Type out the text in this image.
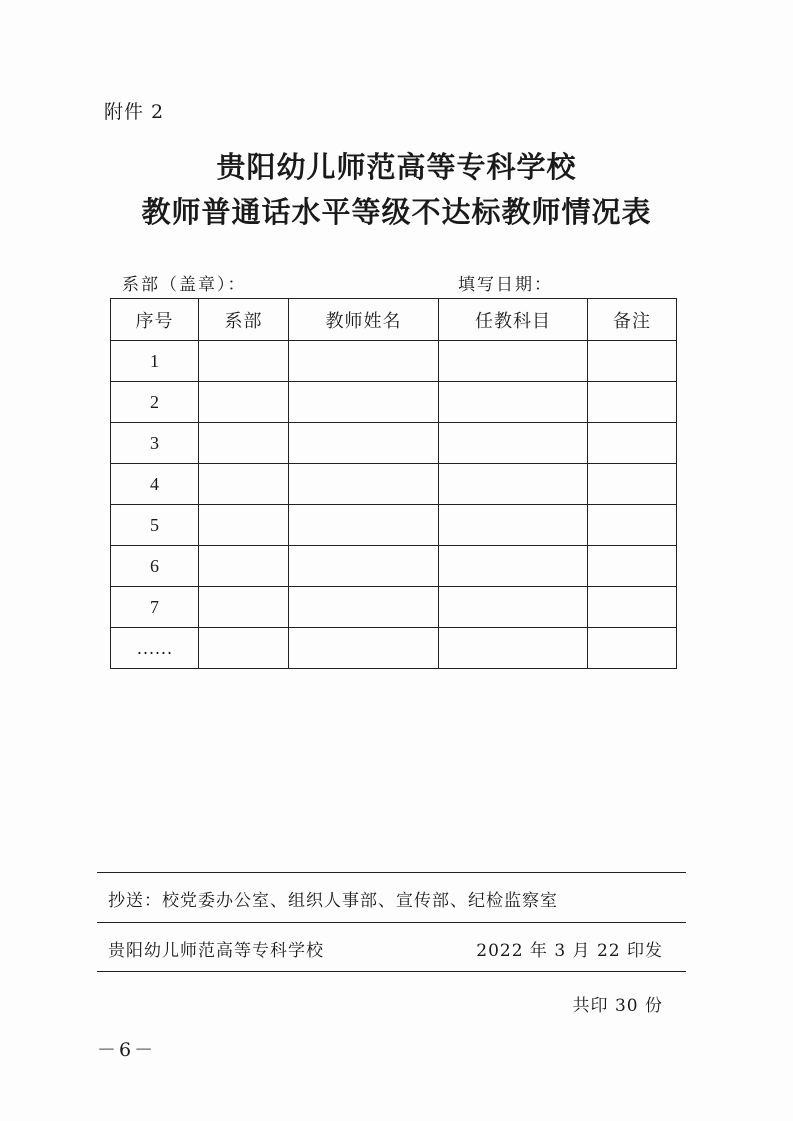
附件 2
贵阳幼儿师范高等专科学校
教师普通话水平等级不达标教师情况表
系部（盖章）：	填写日期：
序号	系部	教师姓名	任教科目	备注
1				
2				
3				
4				
5				
6				
7				
……				
抄送：校党委办公室、组织人事部、宣传部、纪检监察室
贵阳幼儿师范高等专科学校	2022 年 3 月 22 印发
共印 30 份
－6－
